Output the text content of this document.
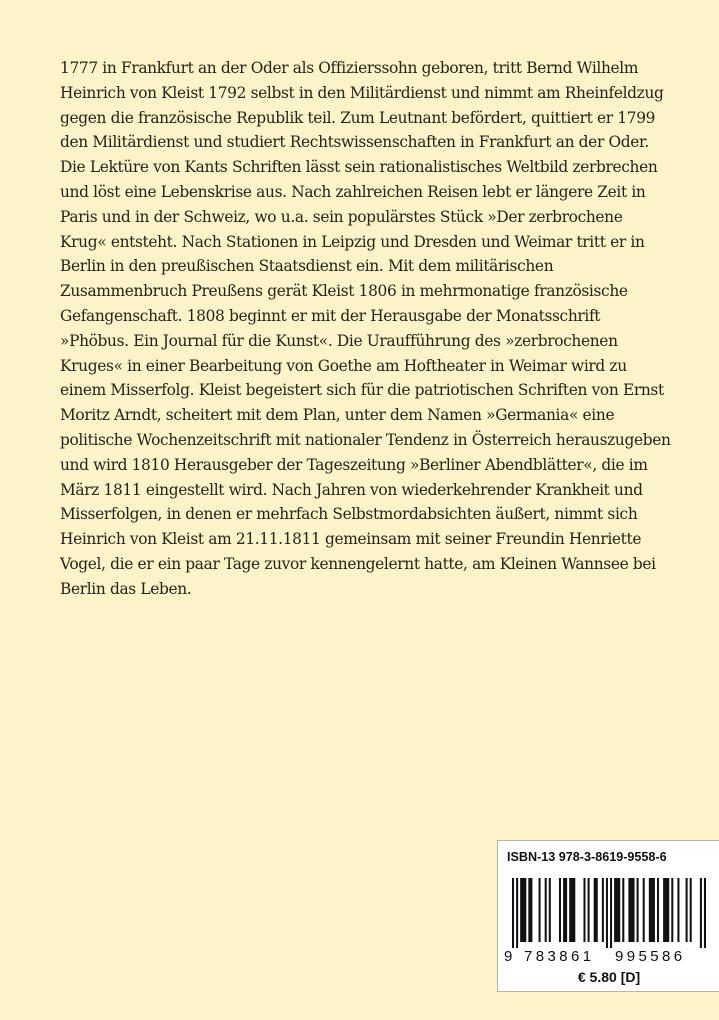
1777 in Frankfurt an der Oder als Offizierssohn geboren, tritt Bernd Wilhelm Heinrich von Kleist 1792 selbst in den Militärdienst und nimmt am Rheinfeldzug gegen die französische Republik teil. Zum Leutnant befördert, quittiert er 1799 den Militärdienst und studiert Rechtswissenschaften in Frankfurt an der Oder. Die Lektüre von Kants Schriften lässt sein rationalistisches Weltbild zerbrechen und löst eine Lebenskrise aus. Nach zahlreichen Reisen lebt er längere Zeit in Paris und in der Schweiz, wo u.a. sein populärstes Stück »Der zerbrochene Krug« entsteht. Nach Stationen in Leipzig und Dresden und Weimar tritt er in Berlin in den preußischen Staatsdienst ein. Mit dem militärischen Zusammenbruch Preußens gerät Kleist 1806 in mehrmonatige französische Gefangenschaft. 1808 beginnt er mit der Herausgabe der Monatsschrift »Phöbus. Ein Journal für die Kunst«. Die Uraufführung des »zerbrochenen Kruges« in einer Bearbeitung von Goethe am Hoftheater in Weimar wird zu einem Misserfolg. Kleist begeistert sich für die patriotischen Schriften von Ernst Moritz Arndt, scheitert mit dem Plan, unter dem Namen »Germania« eine politische Wochenzeitschrift mit nationaler Tendenz in Österreich herauszugeben und wird 1810 Herausgeber der Tageszeitung »Berliner Abendblätter«, die im März 1811 eingestellt wird. Nach Jahren von wiederkehrender Krankheit und Misserfolgen, in denen er mehrfach Selbstmordabsichten äußert, nimmt sich Heinrich von Kleist am 21.11.1811 gemeinsam mit seiner Freundin Henriette Vogel, die er ein paar Tage zuvor kennengelernt hatte, am Kleinen Wannsee bei Berlin das Leben.

ISBN-13 978-3-8619-9558-6
9 783861 995586
€ 5.80 [D]
